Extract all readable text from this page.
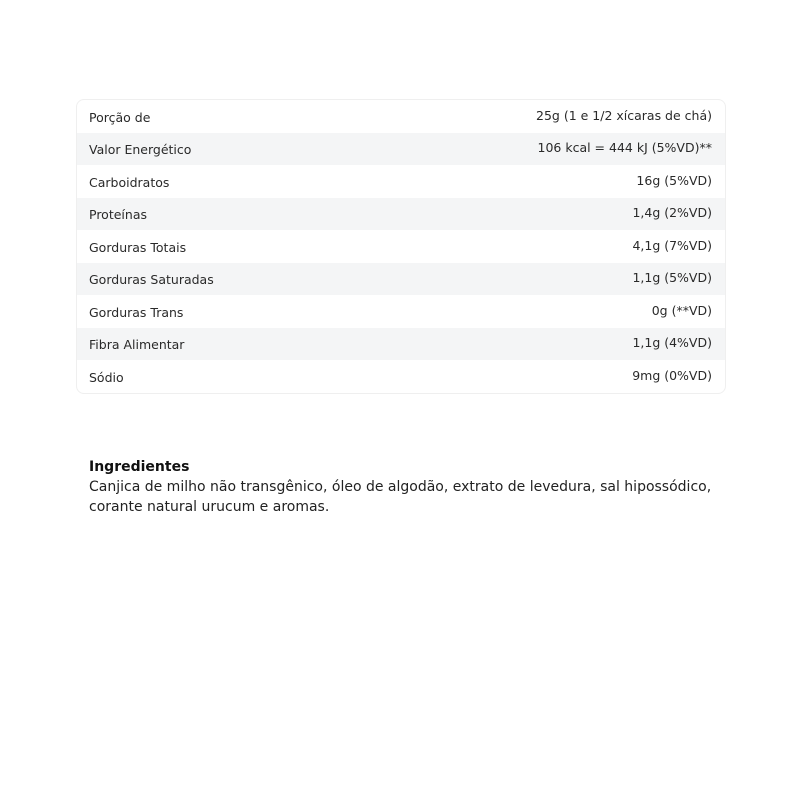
Porção de	25g (1 e 1/2 xícaras de chá)
Valor Energético	106 kcal = 444 kJ (5%VD)**
Carboidratos	16g (5%VD)
Proteínas	1,4g (2%VD)
Gorduras Totais	4,1g (7%VD)
Gorduras Saturadas	1,1g (5%VD)
Gorduras Trans	0g (**VD)
Fibra Alimentar	1,1g (4%VD)
Sódio	9mg (0%VD)

Ingredientes

Canjica de milho não transgênico, óleo de algodão, extrato de levedura, sal hipossódico,

corante natural urucum e aromas.
